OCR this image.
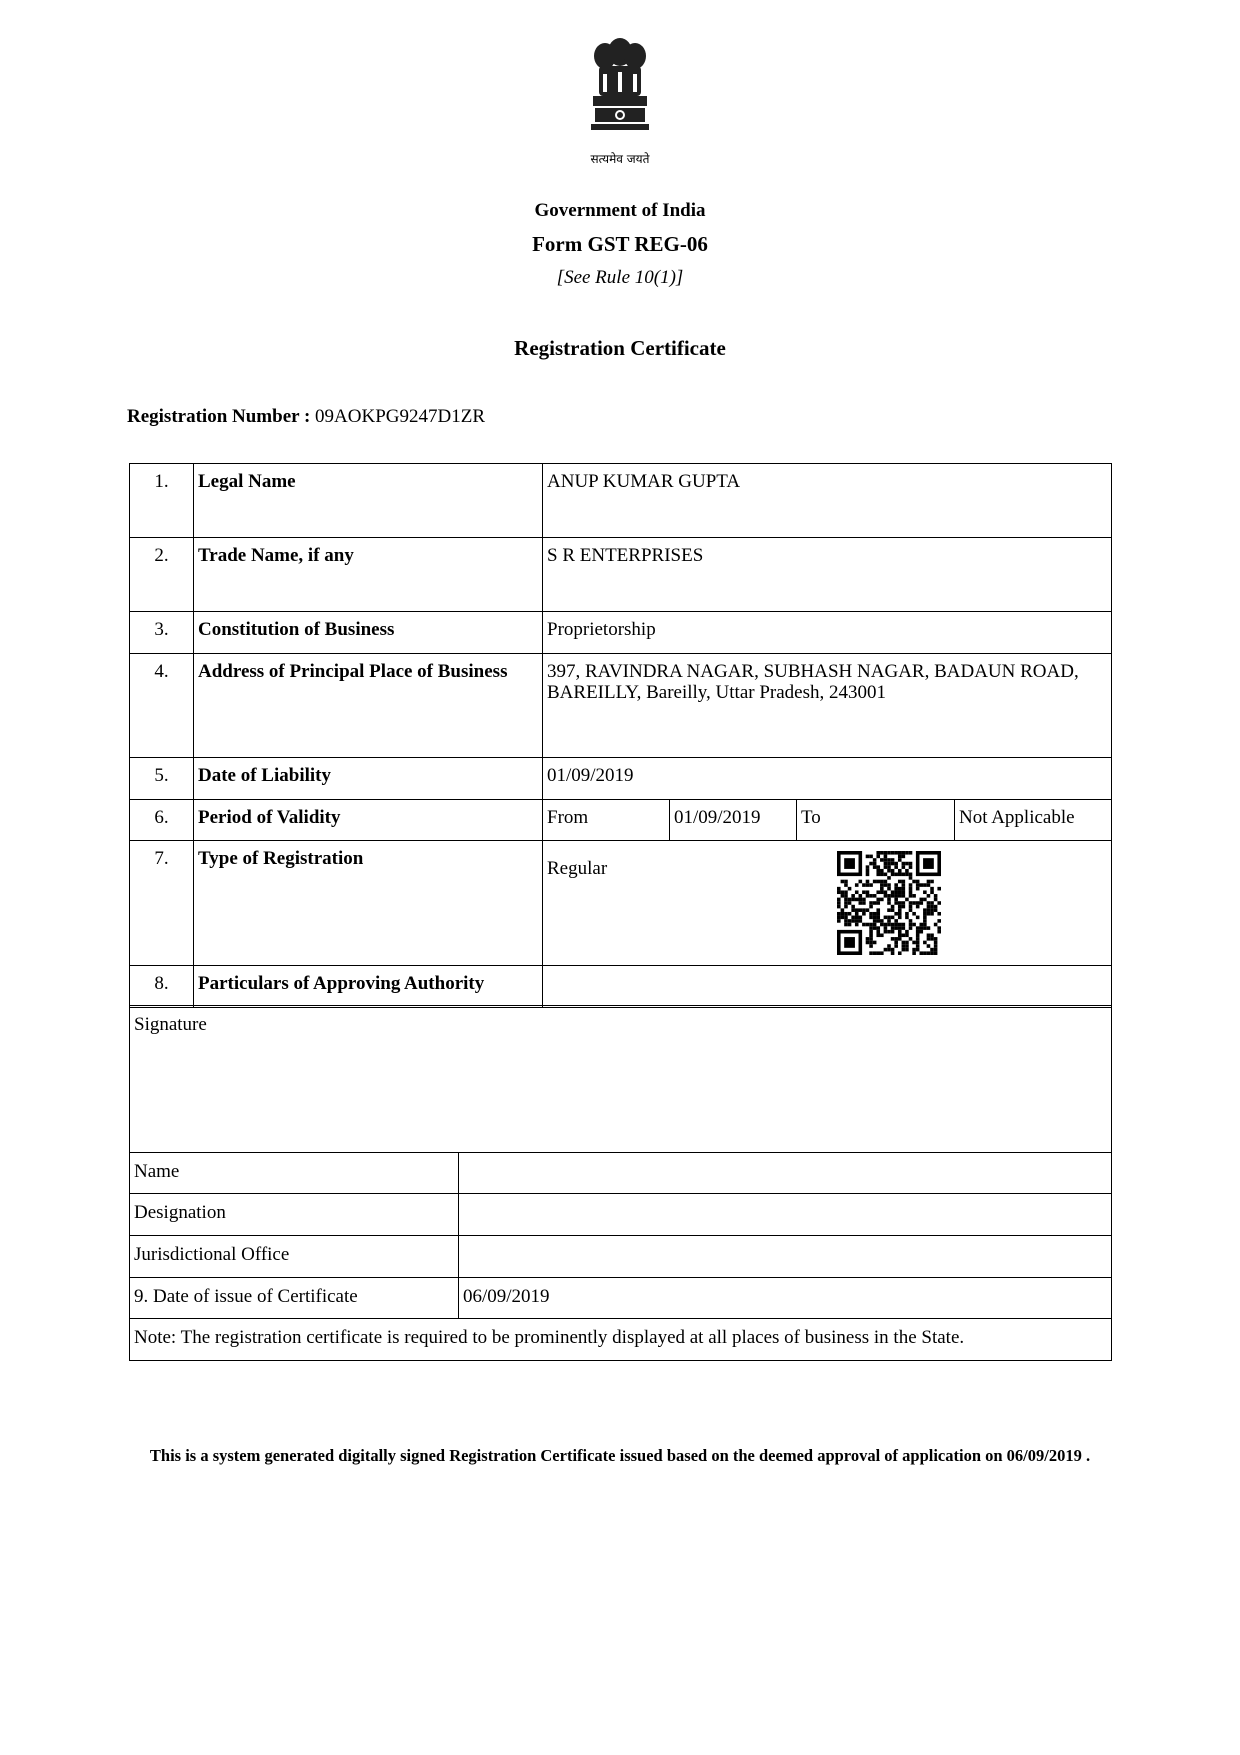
सत्यमेव जयते
Government of India
Form GST REG-06
[See Rule 10(1)]
Registration Certificate
Registration Number : 09AOKPG9247D1ZR
1.	Legal Name	ANUP KUMAR GUPTA			
2.	Trade Name, if any	S R ENTERPRISES			
3.	Constitution of Business	Proprietorship			
4.	Address of Principal Place of Business	397, RAVINDRA NAGAR, SUBHASH NAGAR, BADAUN ROAD, BAREILLY, Bareilly, Uttar Pradesh, 243001			
5.	Date of Liability	01/09/2019			
6.	Period of Validity	From	01/09/2019	To	Not Applicable
7.	Type of Registration	Regular			

8.	Particulars of Approving Authority				
Signature	
Name	
Designation	
Jurisdictional Office	
9. Date of issue of Certificate	06/09/2019
Note: The registration certificate is required to be prominently displayed at all places of business in the State.	
This is a system generated digitally signed Registration Certificate issued based on the deemed approval of application on 06/09/2019 .
